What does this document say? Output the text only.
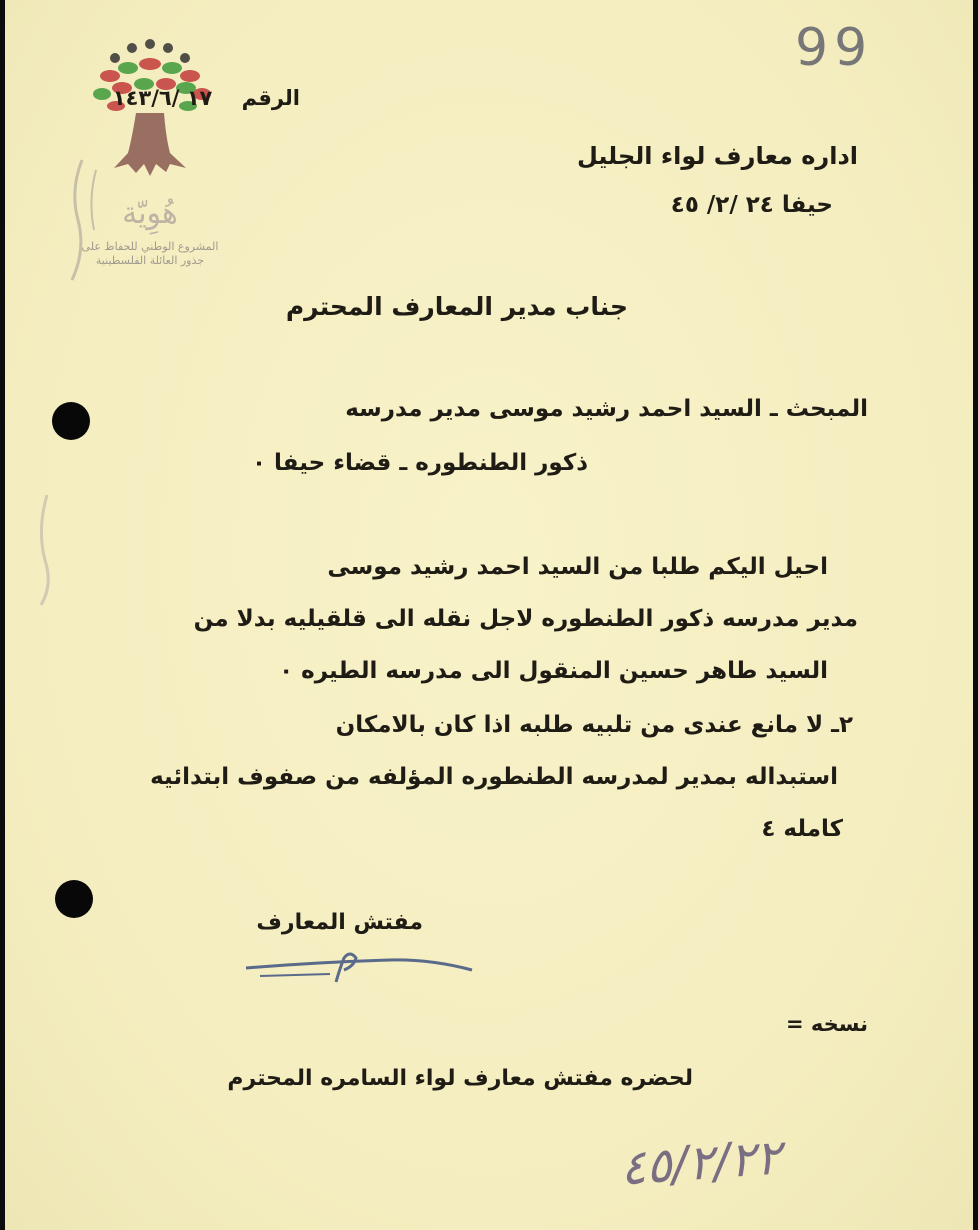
هُوِيّة
المشروع الوطني للحفاظ على
جذور العائلة الفلسطينية
99
الرقم    ١٧ /١٤٣/٦
اداره معارف لواء الجليل
حيفا ٢٤ /٢/ ٤٥
جناب مدير المعارف المحترم
المبحث ـ السيد احمد رشيد موسى مدير مدرسه
ذكور الطنطوره ـ قضاء حيفا ٠
احيل اليكم طلبا من السيد احمد رشيد موسى
مدير مدرسه ذكور الطنطوره لاجل نقله الى قلقيليه بدلا من
السيد طاهر حسين المنقول الى مدرسه الطيره ٠
٢ـ لا مانع عندى من تلبيه طلبه اذا كان بالامكان
استبداله بمدير لمدرسه الطنطوره المؤلفه من صفوف ابتدائيه
كامله ٤
مفتش المعارف
نسخه =
لحضره مفتش معارف لواء السامره المحترم
٤٥/٢/٢٢
